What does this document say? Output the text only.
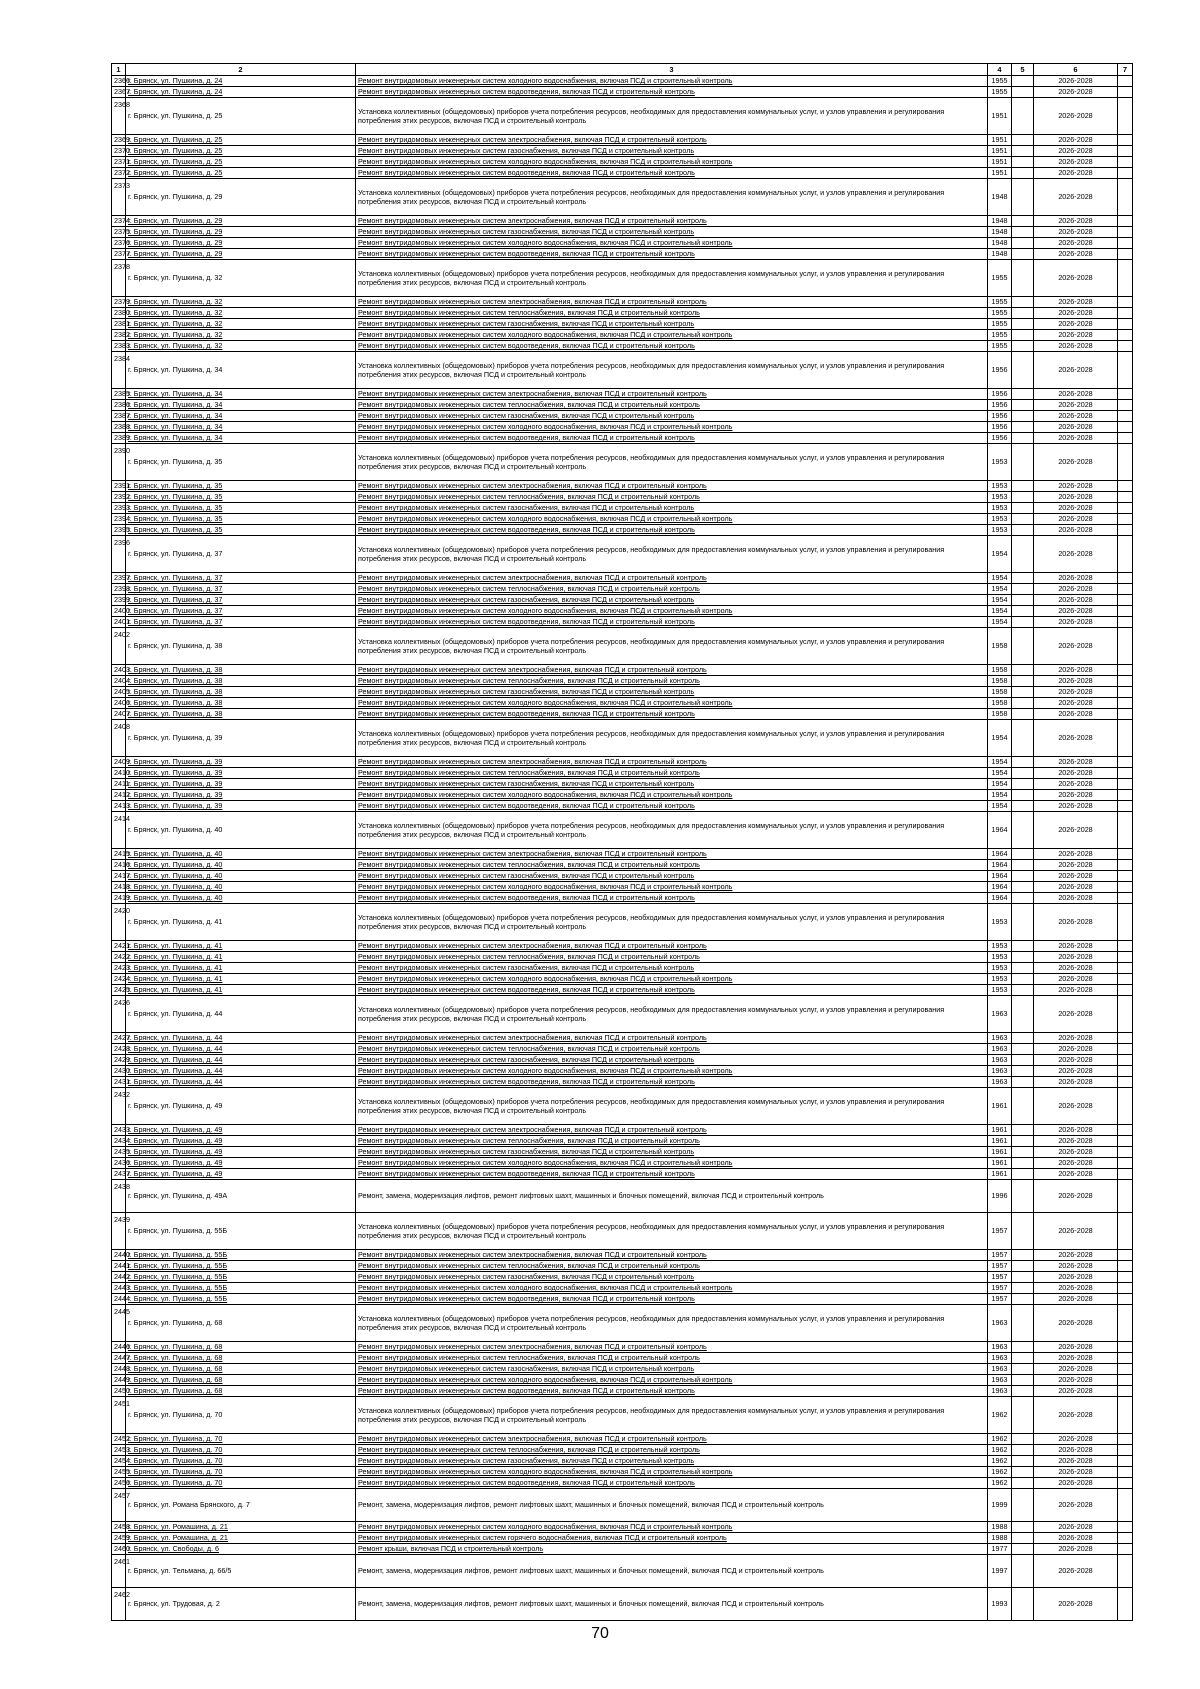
1	2	3	4	5	6	7
2366	г. Брянск, ул. Пушкина, д. 24	Ремонт внутридомовых инженерных систем холодного водоснабжения, включая ПСД и строительный контроль	1955		2026-2028	
2367	г. Брянск, ул. Пушкина, д. 24	Ремонт внутридомовых инженерных систем водоотведения, включая ПСД и строительный контроль	1955		2026-2028	
2368	г. Брянск, ул. Пушкина, д. 25	Установка коллективных (общедомовых) приборов учета потребления ресурсов, необходимых для предоставления коммунальных услуг, и узлов управления и регулирования потребления этих ресурсов, включая ПСД и строительный контроль	1951		2026-2028	
2369	г. Брянск, ул. Пушкина, д. 25	Ремонт внутридомовых инженерных систем электроснабжения, включая ПСД и строительный контроль	1951		2026-2028	
2370	г. Брянск, ул. Пушкина, д. 25	Ремонт внутридомовых инженерных систем газоснабжения, включая ПСД и строительный контроль	1951		2026-2028	
2371	г. Брянск, ул. Пушкина, д. 25	Ремонт внутридомовых инженерных систем холодного водоснабжения, включая ПСД и строительный контроль	1951		2026-2028	
2372	г. Брянск, ул. Пушкина, д. 25	Ремонт внутридомовых инженерных систем водоотведения, включая ПСД и строительный контроль	1951		2026-2028	
2373	г. Брянск, ул. Пушкина, д. 29	Установка коллективных (общедомовых) приборов учета потребления ресурсов, необходимых для предоставления коммунальных услуг, и узлов управления и регулирования потребления этих ресурсов, включая ПСД и строительный контроль	1948		2026-2028	
2374	г. Брянск, ул. Пушкина, д. 29	Ремонт внутридомовых инженерных систем электроснабжения, включая ПСД и строительный контроль	1948		2026-2028	
2375	г. Брянск, ул. Пушкина, д. 29	Ремонт внутридомовых инженерных систем газоснабжения, включая ПСД и строительный контроль	1948		2026-2028	
2376	г. Брянск, ул. Пушкина, д. 29	Ремонт внутридомовых инженерных систем холодного водоснабжения, включая ПСД и строительный контроль	1948		2026-2028	
2377	г. Брянск, ул. Пушкина, д. 29	Ремонт внутридомовых инженерных систем водоотведения, включая ПСД и строительный контроль	1948		2026-2028	
2378	г. Брянск, ул. Пушкина, д. 32	Установка коллективных (общедомовых) приборов учета потребления ресурсов, необходимых для предоставления коммунальных услуг, и узлов управления и регулирования потребления этих ресурсов, включая ПСД и строительный контроль	1955		2026-2028	
2379	г. Брянск, ул. Пушкина, д. 32	Ремонт внутридомовых инженерных систем электроснабжения, включая ПСД и строительный контроль	1955		2026-2028	
2380	г. Брянск, ул. Пушкина, д. 32	Ремонт внутридомовых инженерных систем теплоснабжения, включая ПСД и строительный контроль	1955		2026-2028	
2381	г. Брянск, ул. Пушкина, д. 32	Ремонт внутридомовых инженерных систем газоснабжения, включая ПСД и строительный контроль	1955		2026-2028	
2382	г. Брянск, ул. Пушкина, д. 32	Ремонт внутридомовых инженерных систем холодного водоснабжения, включая ПСД и строительный контроль	1955		2026-2028	
2383	г. Брянск, ул. Пушкина, д. 32	Ремонт внутридомовых инженерных систем водоотведения, включая ПСД и строительный контроль	1955		2026-2028	
2384	г. Брянск, ул. Пушкина, д. 34	Установка коллективных (общедомовых) приборов учета потребления ресурсов, необходимых для предоставления коммунальных услуг, и узлов управления и регулирования потребления этих ресурсов, включая ПСД и строительный контроль	1956		2026-2028	
2385	г. Брянск, ул. Пушкина, д. 34	Ремонт внутридомовых инженерных систем электроснабжения, включая ПСД и строительный контроль	1956		2026-2028	
2386	г. Брянск, ул. Пушкина, д. 34	Ремонт внутридомовых инженерных систем теплоснабжения, включая ПСД и строительный контроль	1956		2026-2028	
2387	г. Брянск, ул. Пушкина, д. 34	Ремонт внутридомовых инженерных систем газоснабжения, включая ПСД и строительный контроль	1956		2026-2028	
2388	г. Брянск, ул. Пушкина, д. 34	Ремонт внутридомовых инженерных систем холодного водоснабжения, включая ПСД и строительный контроль	1956		2026-2028	
2389	г. Брянск, ул. Пушкина, д. 34	Ремонт внутридомовых инженерных систем водоотведения, включая ПСД и строительный контроль	1956		2026-2028	
2390	г. Брянск, ул. Пушкина, д. 35	Установка коллективных (общедомовых) приборов учета потребления ресурсов, необходимых для предоставления коммунальных услуг, и узлов управления и регулирования потребления этих ресурсов, включая ПСД и строительный контроль	1953		2026-2028	
2391	г. Брянск, ул. Пушкина, д. 35	Ремонт внутридомовых инженерных систем электроснабжения, включая ПСД и строительный контроль	1953		2026-2028	
2392	г. Брянск, ул. Пушкина, д. 35	Ремонт внутридомовых инженерных систем теплоснабжения, включая ПСД и строительный контроль	1953		2026-2028	
2393	г. Брянск, ул. Пушкина, д. 35	Ремонт внутридомовых инженерных систем газоснабжения, включая ПСД и строительный контроль	1953		2026-2028	
2394	г. Брянск, ул. Пушкина, д. 35	Ремонт внутридомовых инженерных систем холодного водоснабжения, включая ПСД и строительный контроль	1953		2026-2028	
2395	г. Брянск, ул. Пушкина, д. 35	Ремонт внутридомовых инженерных систем водоотведения, включая ПСД и строительный контроль	1953		2026-2028	
2396	г. Брянск, ул. Пушкина, д. 37	Установка коллективных (общедомовых) приборов учета потребления ресурсов, необходимых для предоставления коммунальных услуг, и узлов управления и регулирования потребления этих ресурсов, включая ПСД и строительный контроль	1954		2026-2028	
2397	г. Брянск, ул. Пушкина, д. 37	Ремонт внутридомовых инженерных систем электроснабжения, включая ПСД и строительный контроль	1954		2026-2028	
2398	г. Брянск, ул. Пушкина, д. 37	Ремонт внутридомовых инженерных систем теплоснабжения, включая ПСД и строительный контроль	1954		2026-2028	
2399	г. Брянск, ул. Пушкина, д. 37	Ремонт внутридомовых инженерных систем газоснабжения, включая ПСД и строительный контроль	1954		2026-2028	
2400	г. Брянск, ул. Пушкина, д. 37	Ремонт внутридомовых инженерных систем холодного водоснабжения, включая ПСД и строительный контроль	1954		2026-2028	
2401	г. Брянск, ул. Пушкина, д. 37	Ремонт внутридомовых инженерных систем водоотведения, включая ПСД и строительный контроль	1954		2026-2028	
2402	г. Брянск, ул. Пушкина, д. 38	Установка коллективных (общедомовых) приборов учета потребления ресурсов, необходимых для предоставления коммунальных услуг, и узлов управления и регулирования потребления этих ресурсов, включая ПСД и строительный контроль	1958		2026-2028	
2403	г. Брянск, ул. Пушкина, д. 38	Ремонт внутридомовых инженерных систем электроснабжения, включая ПСД и строительный контроль	1958		2026-2028	
2404	г. Брянск, ул. Пушкина, д. 38	Ремонт внутридомовых инженерных систем теплоснабжения, включая ПСД и строительный контроль	1958		2026-2028	
2405	г. Брянск, ул. Пушкина, д. 38	Ремонт внутридомовых инженерных систем газоснабжения, включая ПСД и строительный контроль	1958		2026-2028	
2406	г. Брянск, ул. Пушкина, д. 38	Ремонт внутридомовых инженерных систем холодного водоснабжения, включая ПСД и строительный контроль	1958		2026-2028	
2407	г. Брянск, ул. Пушкина, д. 38	Ремонт внутридомовых инженерных систем водоотведения, включая ПСД и строительный контроль	1958		2026-2028	
2408	г. Брянск, ул. Пушкина, д. 39	Установка коллективных (общедомовых) приборов учета потребления ресурсов, необходимых для предоставления коммунальных услуг, и узлов управления и регулирования потребления этих ресурсов, включая ПСД и строительный контроль	1954		2026-2028	
2409	г. Брянск, ул. Пушкина, д. 39	Ремонт внутридомовых инженерных систем электроснабжения, включая ПСД и строительный контроль	1954		2026-2028	
2410	г. Брянск, ул. Пушкина, д. 39	Ремонт внутридомовых инженерных систем теплоснабжения, включая ПСД и строительный контроль	1954		2026-2028	
2411	г. Брянск, ул. Пушкина, д. 39	Ремонт внутридомовых инженерных систем газоснабжения, включая ПСД и строительный контроль	1954		2026-2028	
2412	г. Брянск, ул. Пушкина, д. 39	Ремонт внутридомовых инженерных систем холодного водоснабжения, включая ПСД и строительный контроль	1954		2026-2028	
2413	г. Брянск, ул. Пушкина, д. 39	Ремонт внутридомовых инженерных систем водоотведения, включая ПСД и строительный контроль	1954		2026-2028	
2414	г. Брянск, ул. Пушкина, д. 40	Установка коллективных (общедомовых) приборов учета потребления ресурсов, необходимых для предоставления коммунальных услуг, и узлов управления и регулирования потребления этих ресурсов, включая ПСД и строительный контроль	1964		2026-2028	
2415	г. Брянск, ул. Пушкина, д. 40	Ремонт внутридомовых инженерных систем электроснабжения, включая ПСД и строительный контроль	1964		2026-2028	
2416	г. Брянск, ул. Пушкина, д. 40	Ремонт внутридомовых инженерных систем теплоснабжения, включая ПСД и строительный контроль	1964		2026-2028	
2417	г. Брянск, ул. Пушкина, д. 40	Ремонт внутридомовых инженерных систем газоснабжения, включая ПСД и строительный контроль	1964		2026-2028	
2418	г. Брянск, ул. Пушкина, д. 40	Ремонт внутридомовых инженерных систем холодного водоснабжения, включая ПСД и строительный контроль	1964		2026-2028	
2419	г. Брянск, ул. Пушкина, д. 40	Ремонт внутридомовых инженерных систем водоотведения, включая ПСД и строительный контроль	1964		2026-2028	
2420	г. Брянск, ул. Пушкина, д. 41	Установка коллективных (общедомовых) приборов учета потребления ресурсов, необходимых для предоставления коммунальных услуг, и узлов управления и регулирования потребления этих ресурсов, включая ПСД и строительный контроль	1953		2026-2028	
2421	г. Брянск, ул. Пушкина, д. 41	Ремонт внутридомовых инженерных систем электроснабжения, включая ПСД и строительный контроль	1953		2026-2028	
2422	г. Брянск, ул. Пушкина, д. 41	Ремонт внутридомовых инженерных систем теплоснабжения, включая ПСД и строительный контроль	1953		2026-2028	
2423	г. Брянск, ул. Пушкина, д. 41	Ремонт внутридомовых инженерных систем газоснабжения, включая ПСД и строительный контроль	1953		2026-2028	
2424	г. Брянск, ул. Пушкина, д. 41	Ремонт внутридомовых инженерных систем холодного водоснабжения, включая ПСД и строительный контроль	1953		2026-2028	
2425	г. Брянск, ул. Пушкина, д. 41	Ремонт внутридомовых инженерных систем водоотведения, включая ПСД и строительный контроль	1953		2026-2028	
2426	г. Брянск, ул. Пушкина, д. 44	Установка коллективных (общедомовых) приборов учета потребления ресурсов, необходимых для предоставления коммунальных услуг, и узлов управления и регулирования потребления этих ресурсов, включая ПСД и строительный контроль	1963		2026-2028	
2427	г. Брянск, ул. Пушкина, д. 44	Ремонт внутридомовых инженерных систем электроснабжения, включая ПСД и строительный контроль	1963		2026-2028	
2428	г. Брянск, ул. Пушкина, д. 44	Ремонт внутридомовых инженерных систем теплоснабжения, включая ПСД и строительный контроль	1963		2026-2028	
2429	г. Брянск, ул. Пушкина, д. 44	Ремонт внутридомовых инженерных систем газоснабжения, включая ПСД и строительный контроль	1963		2026-2028	
2430	г. Брянск, ул. Пушкина, д. 44	Ремонт внутридомовых инженерных систем холодного водоснабжения, включая ПСД и строительный контроль	1963		2026-2028	
2431	г. Брянск, ул. Пушкина, д. 44	Ремонт внутридомовых инженерных систем водоотведения, включая ПСД и строительный контроль	1963		2026-2028	
2432	г. Брянск, ул. Пушкина, д. 49	Установка коллективных (общедомовых) приборов учета потребления ресурсов, необходимых для предоставления коммунальных услуг, и узлов управления и регулирования потребления этих ресурсов, включая ПСД и строительный контроль	1961		2026-2028	
2433	г. Брянск, ул. Пушкина, д. 49	Ремонт внутридомовых инженерных систем электроснабжения, включая ПСД и строительный контроль	1961		2026-2028	
2434	г. Брянск, ул. Пушкина, д. 49	Ремонт внутридомовых инженерных систем теплоснабжения, включая ПСД и строительный контроль	1961		2026-2028	
2435	г. Брянск, ул. Пушкина, д. 49	Ремонт внутридомовых инженерных систем газоснабжения, включая ПСД и строительный контроль	1961		2026-2028	
2436	г. Брянск, ул. Пушкина, д. 49	Ремонт внутридомовых инженерных систем холодного водоснабжения, включая ПСД и строительный контроль	1961		2026-2028	
2437	г. Брянск, ул. Пушкина, д. 49	Ремонт внутридомовых инженерных систем водоотведения, включая ПСД и строительный контроль	1961		2026-2028	
2438	г. Брянск, ул. Пушкина, д. 49А	Ремонт, замена, модернизация лифтов, ремонт лифтовых шахт, машинных и блочных помещений, включая ПСД и строительный контроль	1996		2026-2028	
2439	г. Брянск, ул. Пушкина, д. 55Б	Установка коллективных (общедомовых) приборов учета потребления ресурсов, необходимых для предоставления коммунальных услуг, и узлов управления и регулирования потребления этих ресурсов, включая ПСД и строительный контроль	1957		2026-2028	
2440	г. Брянск, ул. Пушкина, д. 55Б	Ремонт внутридомовых инженерных систем электроснабжения, включая ПСД и строительный контроль	1957		2026-2028	
2441	г. Брянск, ул. Пушкина, д. 55Б	Ремонт внутридомовых инженерных систем теплоснабжения, включая ПСД и строительный контроль	1957		2026-2028	
2442	г. Брянск, ул. Пушкина, д. 55Б	Ремонт внутридомовых инженерных систем газоснабжения, включая ПСД и строительный контроль	1957		2026-2028	
2443	г. Брянск, ул. Пушкина, д. 55Б	Ремонт внутридомовых инженерных систем холодного водоснабжения, включая ПСД и строительный контроль	1957		2026-2028	
2444	г. Брянск, ул. Пушкина, д. 55Б	Ремонт внутридомовых инженерных систем водоотведения, включая ПСД и строительный контроль	1957		2026-2028	
2445	г. Брянск, ул. Пушкина, д. 68	Установка коллективных (общедомовых) приборов учета потребления ресурсов, необходимых для предоставления коммунальных услуг, и узлов управления и регулирования потребления этих ресурсов, включая ПСД и строительный контроль	1963		2026-2028	
2446	г. Брянск, ул. Пушкина, д. 68	Ремонт внутридомовых инженерных систем электроснабжения, включая ПСД и строительный контроль	1963		2026-2028	
2447	г. Брянск, ул. Пушкина, д. 68	Ремонт внутридомовых инженерных систем теплоснабжения, включая ПСД и строительный контроль	1963		2026-2028	
2448	г. Брянск, ул. Пушкина, д. 68	Ремонт внутридомовых инженерных систем газоснабжения, включая ПСД и строительный контроль	1963		2026-2028	
2449	г. Брянск, ул. Пушкина, д. 68	Ремонт внутридомовых инженерных систем холодного водоснабжения, включая ПСД и строительный контроль	1963		2026-2028	
2450	г. Брянск, ул. Пушкина, д. 68	Ремонт внутридомовых инженерных систем водоотведения, включая ПСД и строительный контроль	1963		2026-2028	
2451	г. Брянск, ул. Пушкина, д. 70	Установка коллективных (общедомовых) приборов учета потребления ресурсов, необходимых для предоставления коммунальных услуг, и узлов управления и регулирования потребления этих ресурсов, включая ПСД и строительный контроль	1962		2026-2028	
2452	г. Брянск, ул. Пушкина, д. 70	Ремонт внутридомовых инженерных систем электроснабжения, включая ПСД и строительный контроль	1962		2026-2028	
2453	г. Брянск, ул. Пушкина, д. 70	Ремонт внутридомовых инженерных систем теплоснабжения, включая ПСД и строительный контроль	1962		2026-2028	
2454	г. Брянск, ул. Пушкина, д. 70	Ремонт внутридомовых инженерных систем газоснабжения, включая ПСД и строительный контроль	1962		2026-2028	
2455	г. Брянск, ул. Пушкина, д. 70	Ремонт внутридомовых инженерных систем холодного водоснабжения, включая ПСД и строительный контроль	1962		2026-2028	
2456	г. Брянск, ул. Пушкина, д. 70	Ремонт внутридомовых инженерных систем водоотведения, включая ПСД и строительный контроль	1962		2026-2028	
2457	г. Брянск, ул. Романа Брянского, д. 7	Ремонт, замена, модернизация лифтов, ремонт лифтовых шахт, машинных и блочных помещений, включая ПСД и строительный контроль	1999		2026-2028	
2458	г. Брянск, ул. Ромашина, д. 21	Ремонт внутридомовых инженерных систем холодного водоснабжения, включая ПСД и строительный контроль	1988		2026-2028	
2459	г. Брянск, ул. Ромашина, д. 21	Ремонт внутридомовых инженерных систем горячего водоснабжения, включая ПСД и строительный контроль	1988		2026-2028	
2460	г. Брянск, ул. Свободы, д. 6	Ремонт крыши, включая ПСД и строительный контроль	1977		2026-2028	
2461	г. Брянск, ул. Тельмана, д. 66/5	Ремонт, замена, модернизация лифтов, ремонт лифтовых шахт, машинных и блочных помещений, включая ПСД и строительный контроль	1997		2026-2028	
2462	г. Брянск, ул. Трудовая, д. 2	Ремонт, замена, модернизация лифтов, ремонт лифтовых шахт, машинных и блочных помещений, включая ПСД и строительный контроль	1993		2026-2028	
70
